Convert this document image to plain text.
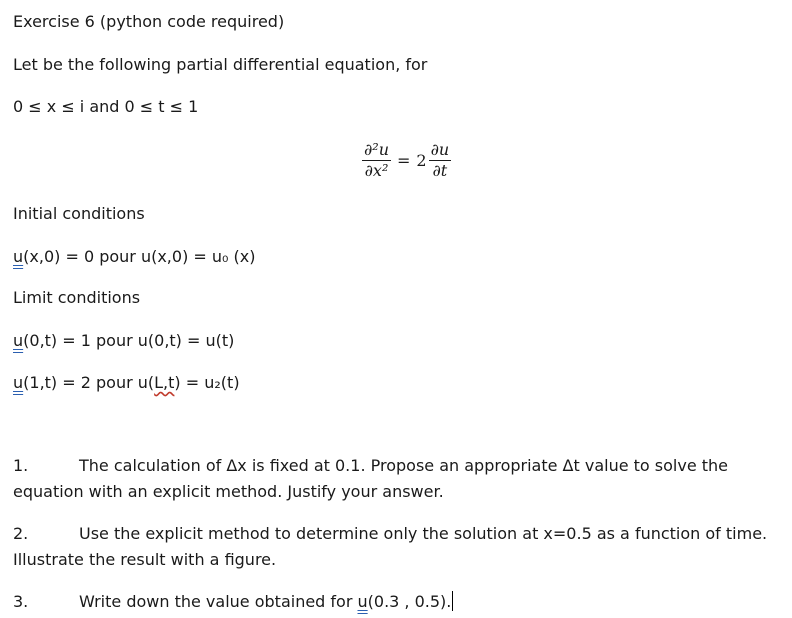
Exercise 6 (python code required)
Let be the following partial differential equation, for
0 ≤ x ≤ i and 0 ≤ t ≤ 1
$\frac{\text{∂²u}}{\text{∂x²}} = 2 \frac{\partial u}{\partial t}$
Initial conditions
u(x,0) = 0 pour u(x,0) = u₀ (x)
Limit conditions
u(0,t) = 1 pour u(0,t) = u(t)
u(1,t) = 2 pour u(L,t) = u₂(t)
1.	The calculation of Δx is fixed at 0.1. Propose an appropriate Δt value to solve the
equation with an explicit method. Justify your answer.
2.	Use the explicit method to determine only the solution at x=0.5 as a function of time.
Illustrate the result with a figure.
3.	Write down the value obtained for u(0.3 , 0.5).
